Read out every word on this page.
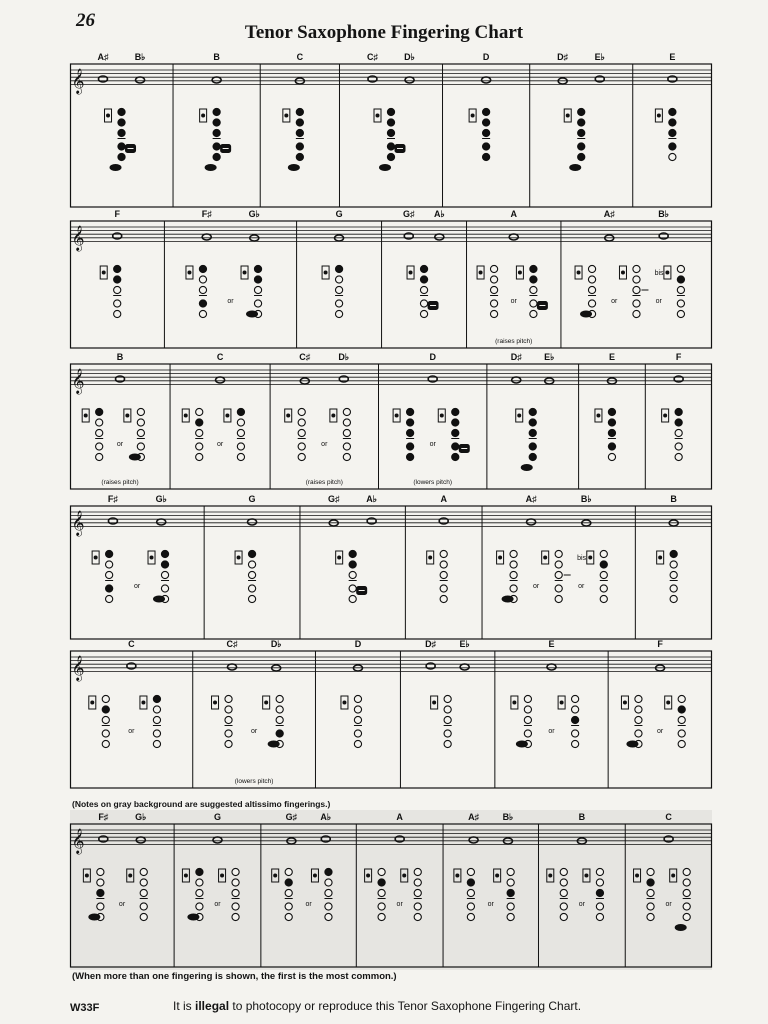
26
Tenor Saxophone Fingering Chart
𝄞
A♯	B♭	B	C	C♯	D♭	D	D♯	E♭	E
𝄞
F	F♯	G♭
or
G	G♯ A♭	A
or
(raises pitch)
A♯	B♭
or	or
bis
𝄞
B
or
(raises pitch)
C
or
C♯	D♭
or
(raises pitch)
D
or
(lowers pitch)
D♯ E♭	E	F
𝄞
F♯	G♭
or
G	G♯	A♭	A	A♯	B♭
or	or
bis
B
𝄞
C
or
C♯	D♭
or
(lowers pitch)
D	D♯	E♭	E
or
F
or
𝄞
F♯	G♭
or
G
or
G♯	A♭
or
A
or
A♯	B♭
or
B
or
C
or
(Notes on gray background are suggested altissimo fingerings.)
(When more than one fingering is shown, the first is the most common.)
W33F	It is illegal to photocopy or reproduce this Tenor Saxophone Fingering Chart.
